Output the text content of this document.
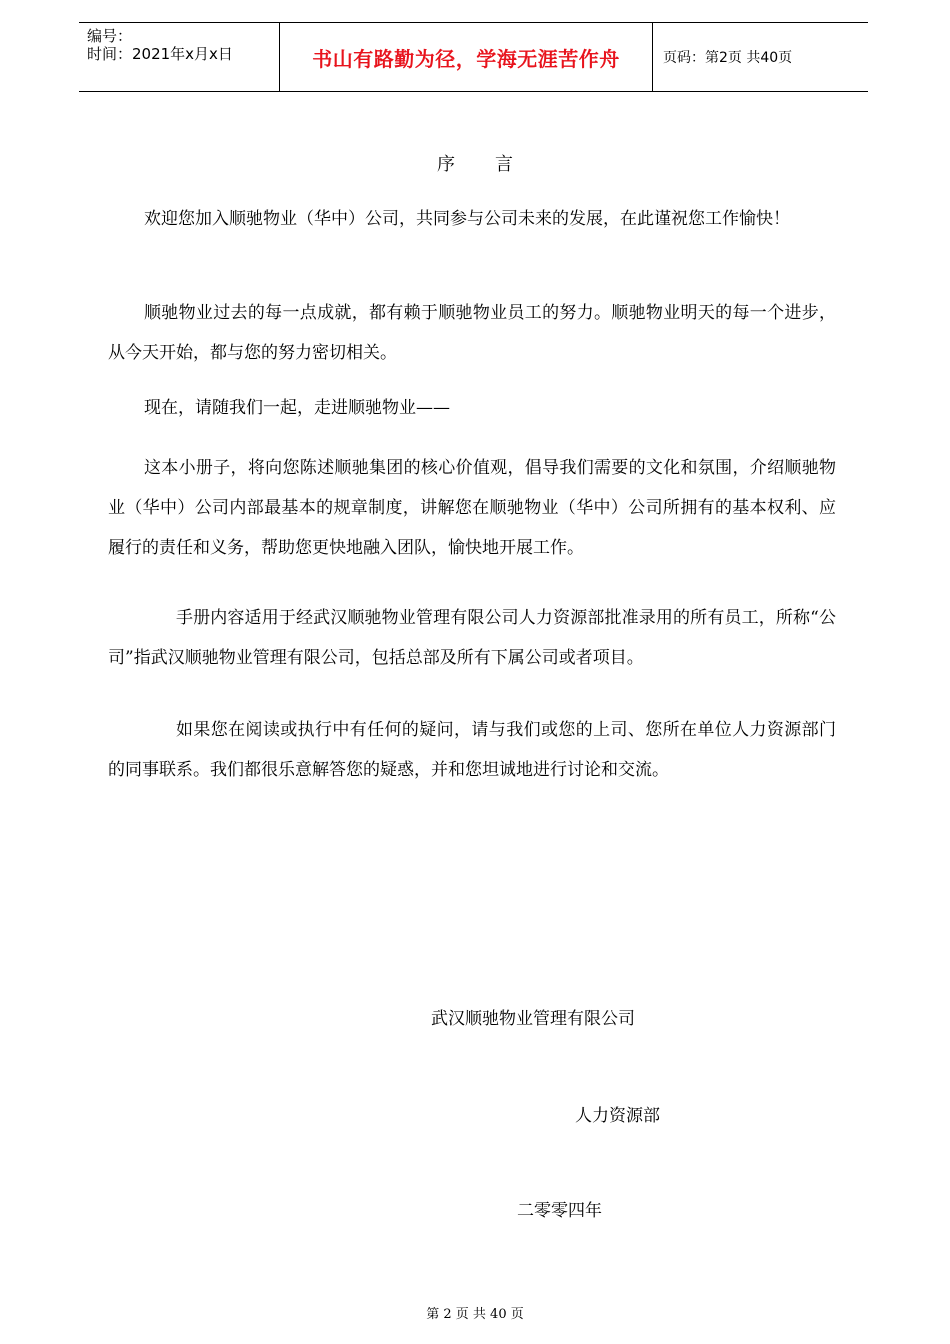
编号：
时间：2021年x月x日	书山有路勤为径，学海无涯苦作舟	页码：第2页 共40页
序 言
欢迎您加入顺驰物业（华中）公司，共同参与公司未来的发展，在此谨祝您工作愉快！
顺驰物业过去的每一点成就，都有赖于顺驰物业员工的努力。顺驰物业明天的每一个进步，从今天开始，都与您的努力密切相关。
现在，请随我们一起，走进顺驰物业——
这本小册子，将向您陈述顺驰集团的核心价值观，倡导我们需要的文化和氛围，介绍顺驰物业（华中）公司内部最基本的规章制度，讲解您在顺驰物业（华中）公司所拥有的基本权利、应履行的责任和义务，帮助您更快地融入团队，愉快地开展工作。
手册内容适用于经武汉顺驰物业管理有限公司人力资源部批准录用的所有员工，所称“公司”指武汉顺驰物业管理有限公司，包括总部及所有下属公司或者项目。
如果您在阅读或执行中有任何的疑问，请与我们或您的上司、您所在单位人力资源部门的同事联系。我们都很乐意解答您的疑惑，并和您坦诚地进行讨论和交流。
武汉顺驰物业管理有限公司
人力资源部
二零零四年
第 2 页 共 40 页
